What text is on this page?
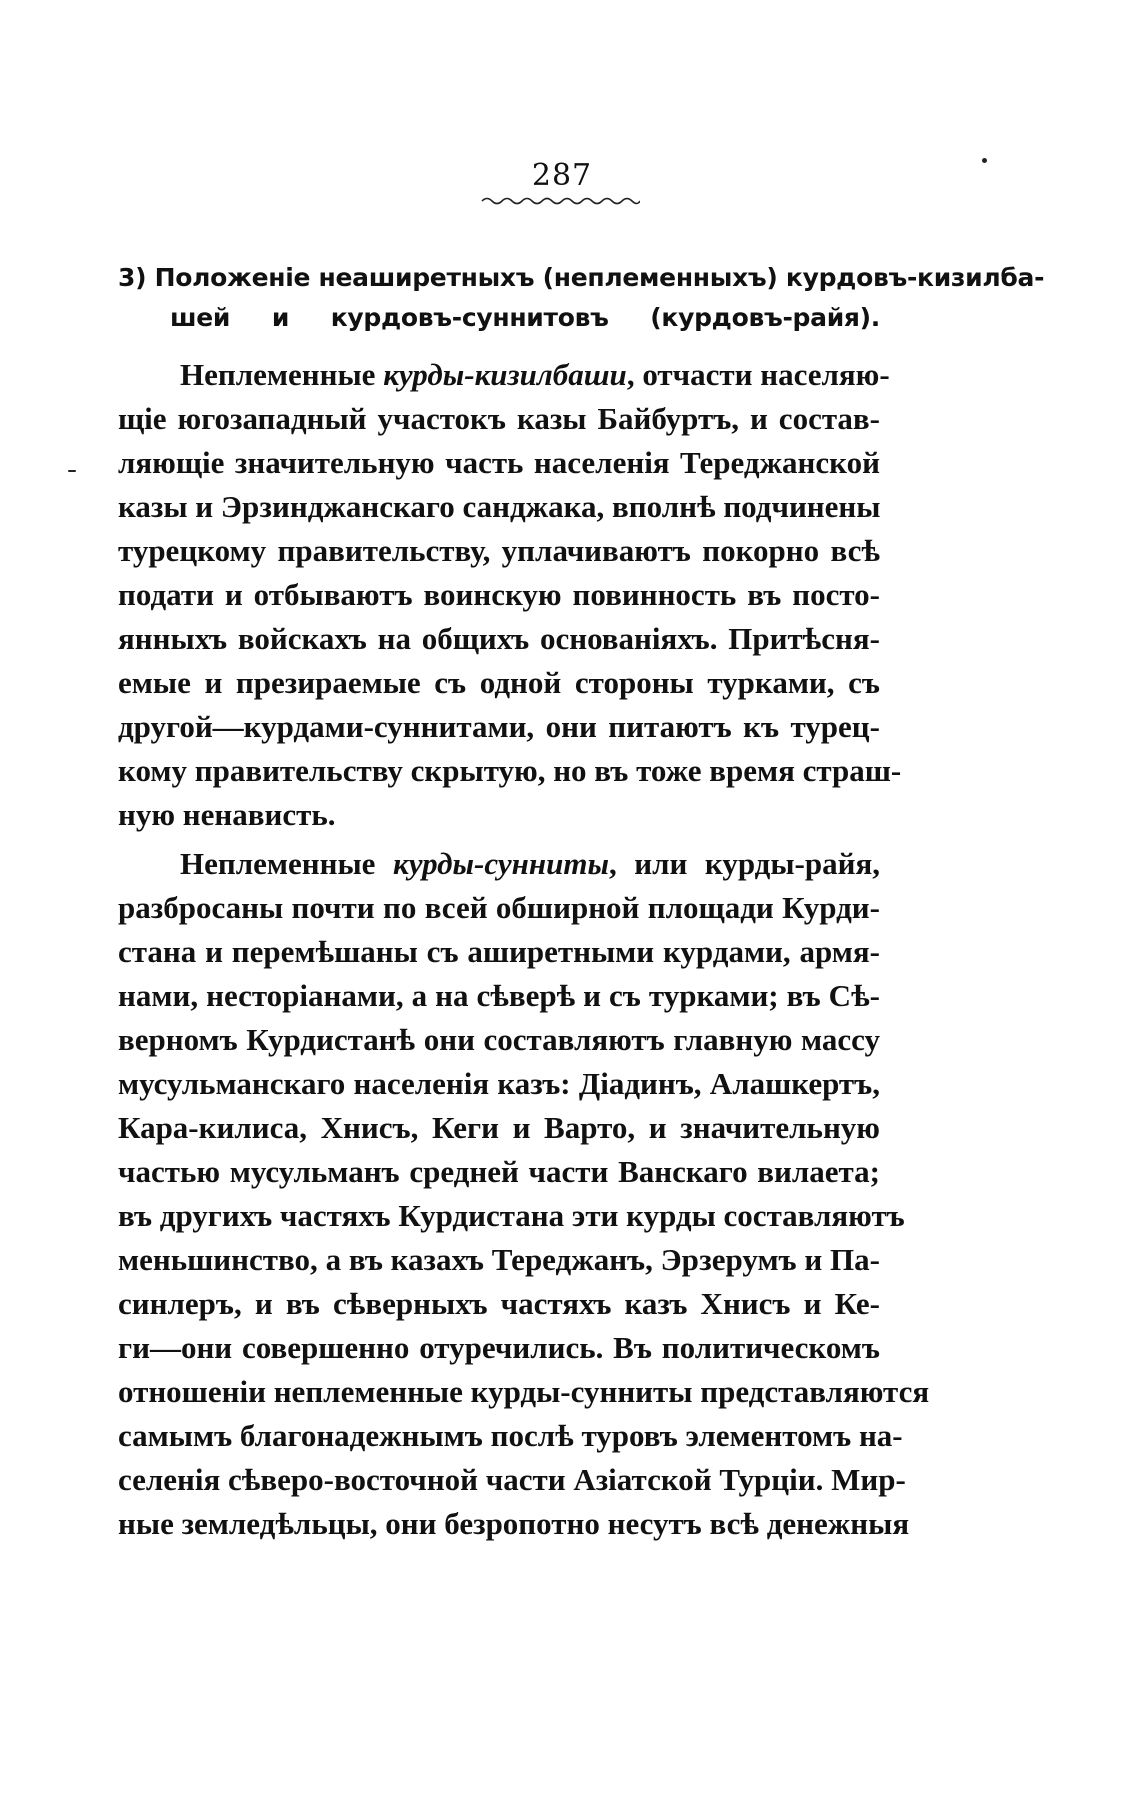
287
3) Положеніе неаширетныхъ (неплеменныхъ) курдовъ-кизилба-
шей и курдовъ-суннитовъ (курдовъ-райя).
Неплеменные курды-кизилбаши, отчасти населяю-
щіе югозападный участокъ казы Байбуртъ, и состав-
ляющіе значительную часть населенія Тереджанской
казы и Эрзинджанскаго санджака, вполнѣ подчинены
турецкому правительству, уплачиваютъ покорно всѣ
подати и отбываютъ воинскую повинность въ посто-
янныхъ войскахъ на общихъ основаніяхъ. Притѣсня-
емые и презираемые съ одной стороны турками, съ
другой—курдами-суннитами, они питаютъ къ турец-
кому правительству скрытую, но въ тоже время страш-
ную ненависть.
Неплеменные курды-сунниты, или курды-райя,
разбросаны почти по всей обширной площади Курди-
стана и перемѣшаны съ аширетными курдами, армя-
нами, несторіанами, а на сѣверѣ и съ турками; въ Сѣ-
верномъ Курдистанѣ они составляютъ главную массу
мусульманскаго населенія казъ: Діадинъ, Алашкертъ,
Кара-килиса, Хнисъ, Кеги и Варто, и значительную
частью мусульманъ средней части Ванскаго вилаета;
въ другихъ частяхъ Курдистана эти курды составляютъ
меньшинство, а въ казахъ Тереджанъ, Эрзерумъ и Па-
синлеръ, и въ сѣверныхъ частяхъ казъ Хнисъ и Ке-
ги—они совершенно отуречились. Въ политическомъ
отношеніи неплеменные курды-сунниты представляются
самымъ благонадежнымъ послѣ туровъ элементомъ на-
селенія сѣверо-восточной части Азіатской Турціи. Мир-
ные земледѣльцы, они безропотно несутъ всѣ денежныя
